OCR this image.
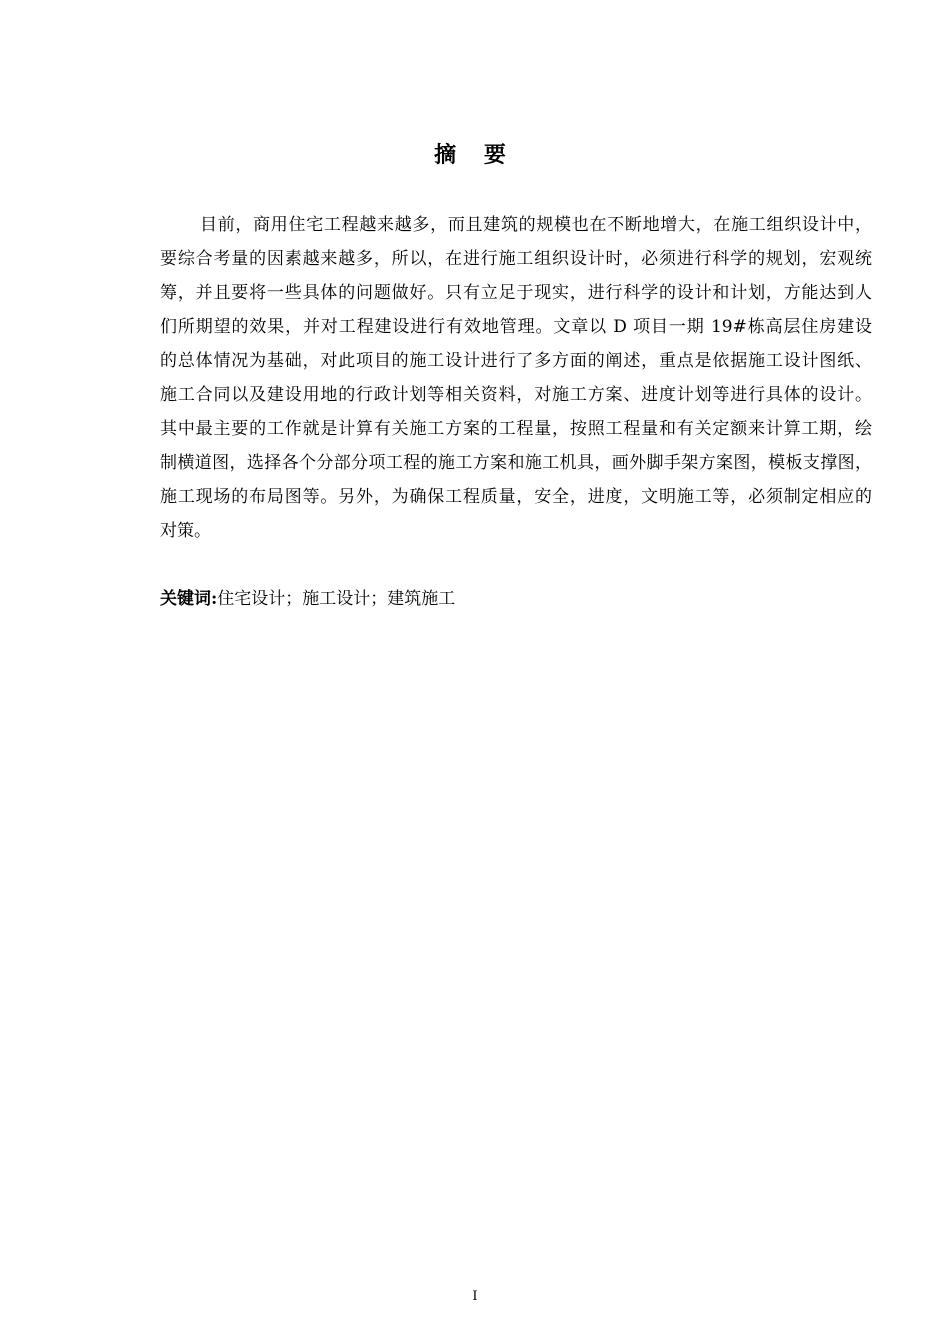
摘 要
目前，商用住宅工程越来越多，而且建筑的规模也在不断地增大，在施工组织设计中，
要综合考量的因素越来越多，所以，在进行施工组织设计时，必须进行科学的规划，宏观统
筹，并且要将一些具体的问题做好。只有立足于现实，进行科学的设计和计划，方能达到人
们所期望的效果，并对工程建设进行有效地管理。文章以 D 项目一期 19#栋高层住房建设
的总体情况为基础，对此项目的施工设计进行了多方面的阐述，重点是依据施工设计图纸、
施工合同以及建设用地的行政计划等相关资料，对施工方案、进度计划等进行具体的设计。
其中最主要的工作就是计算有关施工方案的工程量，按照工程量和有关定额来计算工期，绘
制横道图，选择各个分部分项工程的施工方案和施工机具，画外脚手架方案图，模板支撑图，
施工现场的布局图等。另外，为确保工程质量，安全，进度，文明施工等，必须制定相应的
对策。
关键词:住宅设计；施工设计；建筑施工
I
